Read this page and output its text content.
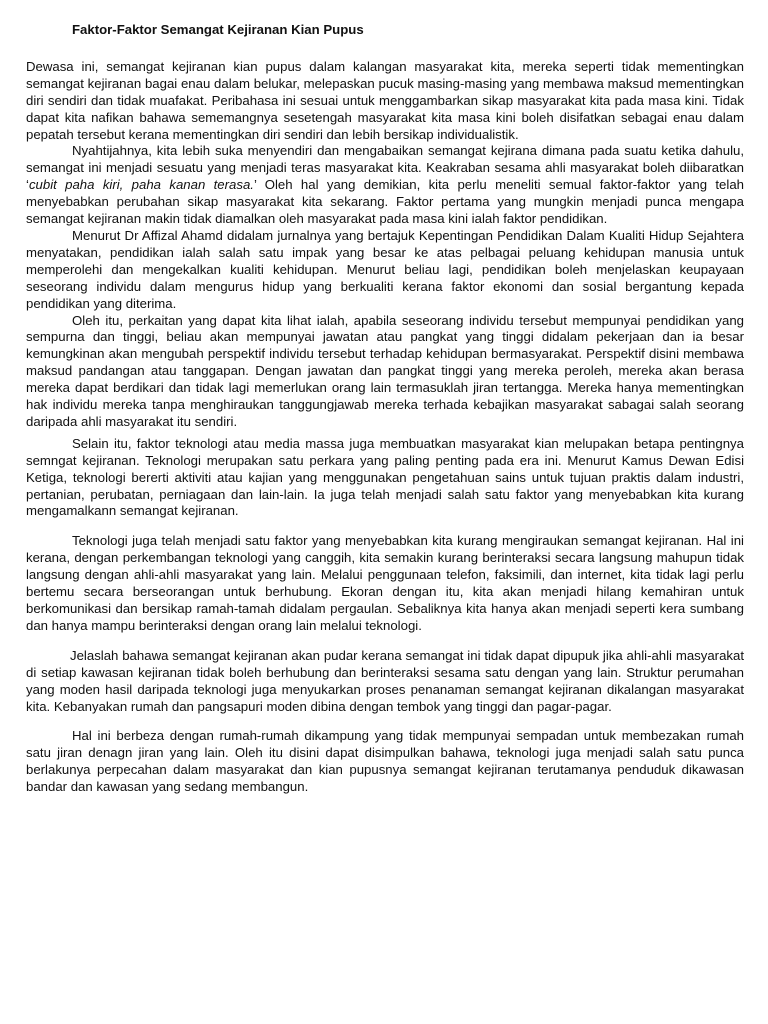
Faktor-Faktor Semangat Kejiranan Kian Pupus

Dewasa ini, semangat kejiranan kian pupus dalam kalangan masyarakat kita, mereka seperti tidak mementingkan semangat kejiranan bagai enau dalam belukar, melepaskan pucuk masing-masing yang membawa maksud mementingkan diri sendiri dan tidak muafakat. Peribahasa ini sesuai untuk menggambarkan sikap masyarakat kita pada masa kini. Tidak dapat kita nafikan bahawa sememangnya sesetengah masyarakat kita masa kini boleh disifatkan sebagai enau dalam pepatah tersebut kerana mementingkan diri sendiri dan lebih bersikap individualistik.

Nyahtijahnya, kita lebih suka menyendiri dan mengabaikan semangat kejirana dimana pada suatu ketika dahulu, semangat ini menjadi sesuatu yang menjadi teras masyarakat kita. Keakraban sesama ahli masyarakat boleh diibaratkan ‘cubit paha kiri, paha kanan terasa.’ Oleh hal yang demikian, kita perlu meneliti semual faktor-faktor yang telah menyebabkan perubahan sikap masyarakat kita sekarang. Faktor pertama yang mungkin menjadi punca mengapa semangat kejiranan makin tidak diamalkan oleh masyarakat pada masa kini ialah faktor pendidikan.

Menurut Dr Affizal Ahamd didalam jurnalnya yang bertajuk Kepentingan Pendidikan Dalam Kualiti Hidup Sejahtera menyatakan, pendidikan ialah salah satu impak yang besar ke atas pelbagai peluang kehidupan manusia untuk memperolehi dan mengekalkan kualiti kehidupan. Menurut beliau lagi, pendidikan boleh menjelaskan keupayaan seseorang individu dalam mengurus hidup yang berkualiti kerana faktor ekonomi dan sosial bergantung kepada pendidikan yang diterima.

Oleh itu, perkaitan yang dapat kita lihat ialah, apabila seseorang individu tersebut mempunyai pendidikan yang sempurna dan tinggi, beliau akan mempunyai jawatan atau pangkat yang tinggi didalam pekerjaan dan ia besar kemungkinan akan mengubah perspektif individu tersebut terhadap kehidupan bermasyarakat. Perspektif disini membawa maksud pandangan atau tanggapan. Dengan jawatan dan pangkat tinggi yang mereka peroleh, mereka akan berasa mereka dapat berdikari dan tidak lagi memerlukan orang lain termasuklah jiran tertangga. Mereka hanya mementingkan hak individu mereka tanpa menghiraukan tanggungjawab mereka terhada kebajikan masyarakat sabagai salah seorang daripada ahli masyarakat itu sendiri.

Selain itu, faktor teknologi atau media massa juga membuatkan masyarakat kian melupakan betapa pentingnya semngat kejiranan. Teknologi merupakan satu perkara yang paling penting pada era ini. Menurut Kamus Dewan Edisi Ketiga, teknologi bererti aktiviti atau kajian yang menggunakan pengetahuan sains untuk tujuan praktis dalam industri, pertanian, perubatan, perniagaan dan lain-lain. Ia juga telah menjadi salah satu faktor yang menyebabkan kita kurang mengamalkann semangat kejiranan.

Teknologi juga telah menjadi satu faktor yang menyebabkan kita kurang mengiraukan semangat kejiranan. Hal ini kerana, dengan perkembangan teknologi yang canggih, kita semakin kurang berinteraksi secara langsung mahupun tidak langsung dengan ahli-ahli masyarakat yang lain. Melalui penggunaan telefon, faksimili, dan internet, kita tidak lagi perlu bertemu secara berseorangan untuk berhubung. Ekoran dengan itu, kita akan menjadi hilang kemahiran untuk berkomunikasi dan bersikap ramah-tamah didalam pergaulan. Sebaliknya kita hanya akan menjadi seperti kera sumbang dan hanya mampu berinteraksi dengan orang lain melalui teknologi.

Jelaslah bahawa semangat kejiranan akan pudar kerana semangat ini tidak dapat dipupuk jika ahli-ahli masyarakat di setiap kawasan kejiranan tidak boleh berhubung dan berinteraksi sesama satu dengan yang lain. Struktur perumahan yang moden hasil daripada teknologi juga menyukarkan proses penanaman semangat kejiranan dikalangan masyarakat kita. Kebanyakan rumah dan pangsapuri moden dibina dengan tembok yang tinggi dan pagar-pagar.

Hal ini berbeza dengan rumah-rumah dikampung yang tidak mempunyai sempadan untuk membezakan rumah satu jiran denagn jiran yang lain. Oleh itu disini dapat disimpulkan bahawa, teknologi juga menjadi salah satu punca berlakunya perpecahan dalam masyarakat dan kian pupusnya semangat kejiranan terutamanya penduduk dikawasan bandar dan kawasan yang sedang membangun.
